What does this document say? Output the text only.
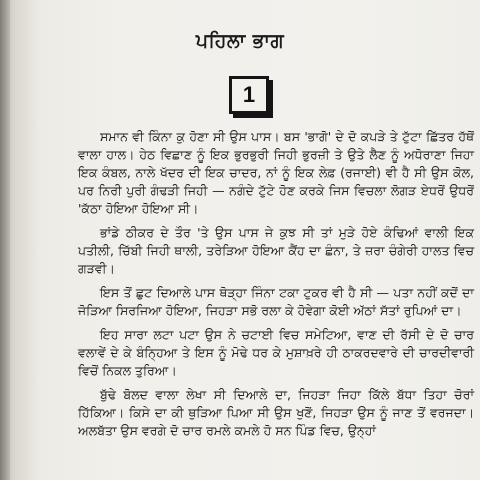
ਪਹਿਲਾ ਭਾਗ
1

ਸਮਾਨ ਵੀ ਕਿੰਨਾ ਕੁ ਹੋਣਾ ਸੀ ਉਸ ਪਾਸ। ਬਸ 'ਭਾਗੋ' ਦੇ ਦੋ ਕਪੜੇ ਤੇ ਟੁੱਟਾ ਛਿੱਤਰ ਹੱਥੋਂ ਵਾਲਾ ਹਾਲ। ਹੇਠ ਵਿਛਾਣ ਨੂੰ ਇਕ ਭੁਰਭੁਰੀ ਜਿਹੀ ਭੁਰਜ਼ੀ ਤੇ ਉਤੇ ਲੈਣ ਨੂੰ ਅਧੋਰਾਣਾ ਜਿਹਾ ਇਕ ਕੰਬਲ, ਨਾਲੇ ਖੱਦਰ ਦੀ ਇਕ ਚਾਦਰ, ਨਾਂ ਨੂੰ ਇਕ ਲੇਫ਼ (ਰਜਾਈ) ਵੀ ਹੈ ਸੀ ਉਸ ਕੋਲ, ਪਰ ਨਿਰੀ ਪੁਰੀ ਗੰਢੜੀ ਜਿਹੀ — ਨਗੰਦੇ ਟੁੱਟੇ ਹੋਣ ਕਰਕੇ ਜਿਸ ਵਿਚਲਾ ਲੋਗੜ ਏਧਰੋਂ ਉਧਰੋਂ 'ਕੱਠਾ ਹੋਇਆ ਹੋਇਆ ਸੀ।

ਭਾਂਡੇ ਠੀਕਰ ਦੇ ਤੌਰ 'ਤੇ ਉਸ ਪਾਸ ਜੇ ਕੁਝ ਸੀ ਤਾਂ ਮੁੜੇ ਹੋਏ ਕੰਢਿਆਂ ਵਾਲੀ ਇਕ ਪਤੀਲੀ, ਚਿੱਬੀ ਜਿਹੀ ਥਾਲੀ, ਤਰੇੜਿਆ ਹੋਇਆ ਕੈਂਹ ਦਾ ਛੰਨਾ, ਤੇ ਜ਼ਰਾ ਚੰਗੇਰੀ ਹਾਲਤ ਵਿਚ ਗੜਵੀ।

ਇਸ ਤੋਂ ਛੁਟ ਦਿਆਲੇ ਪਾਸ ਥੋੜ੍ਹਾ ਜਿੰਨਾ ਟਕਾ ਟੁਕਰ ਵੀ ਹੈ ਸੀ — ਪਤਾ ਨਹੀਂ ਕਦੋਂ ਦਾ ਜੋੜਿਆ ਸਿਰਜਿਆ ਹੋਇਆ, ਜਿਹੜਾ ਸਭੋ ਰਲਾ ਕੇ ਹੋਵੇਗਾ ਕੋਈ ਅੱਠਾਂ ਸੱਤਾਂ ਰੁਪਿਆਂ ਦਾ।

ਇਹ ਸਾਰਾ ਲਟਾ ਪਟਾ ਉਸ ਨੇ ਚਟਾਈ ਵਿਚ ਸਮੇਟਿਆ, ਵਾਣ ਦੀ ਰੱਸੀ ਦੇ ਦੋ ਚਾਰ ਵਲਾਵੇਂ ਦੇ ਕੇ ਬੰਨ੍ਹਿਆ ਤੇ ਇਸ ਨੂੰ ਮੋਢੇ ਧਰ ਕੇ ਮੁਸ਼ਾਖ਼ਰੇ ਹੀ ਠਾਕਰਦਵਾਰੇ ਦੀ ਚਾਰਦੀਵਾਰੀ ਵਿਚੋਂ ਨਿਕਲ ਤੁਰਿਆ।

ਬੁੱਢੇ ਬੋਲਦ ਵਾਲਾ ਲੇਖਾ ਸੀ ਦਿਆਲੇ ਦਾ, ਜਿਹੜਾ ਜਿਹਾ ਕਿੱਲੇ ਬੱਧਾ ਤਿਹਾ ਚੋਰਾਂ ਹਿੱਕਿਆ। ਕਿਸੇ ਦਾ ਕੀ ਥੁੜਿਆ ਪਿਆ ਸੀ ਉਸ ਖੁਣੋਂ, ਜਿਹੜਾ ਉਸ ਨੂੰ ਜਾਣ ਤੋਂ ਵਰਜਦਾ। ਅਲਬੱਤਾ ਉਸ ਵਰਗੇ ਦੋ ਚਾਰ ਰਮਲੇ ਕਮਲੇ ਹੋ ਸਨ ਪਿੰਡ ਵਿਚ, ਉਨ੍ਹਾਂ
